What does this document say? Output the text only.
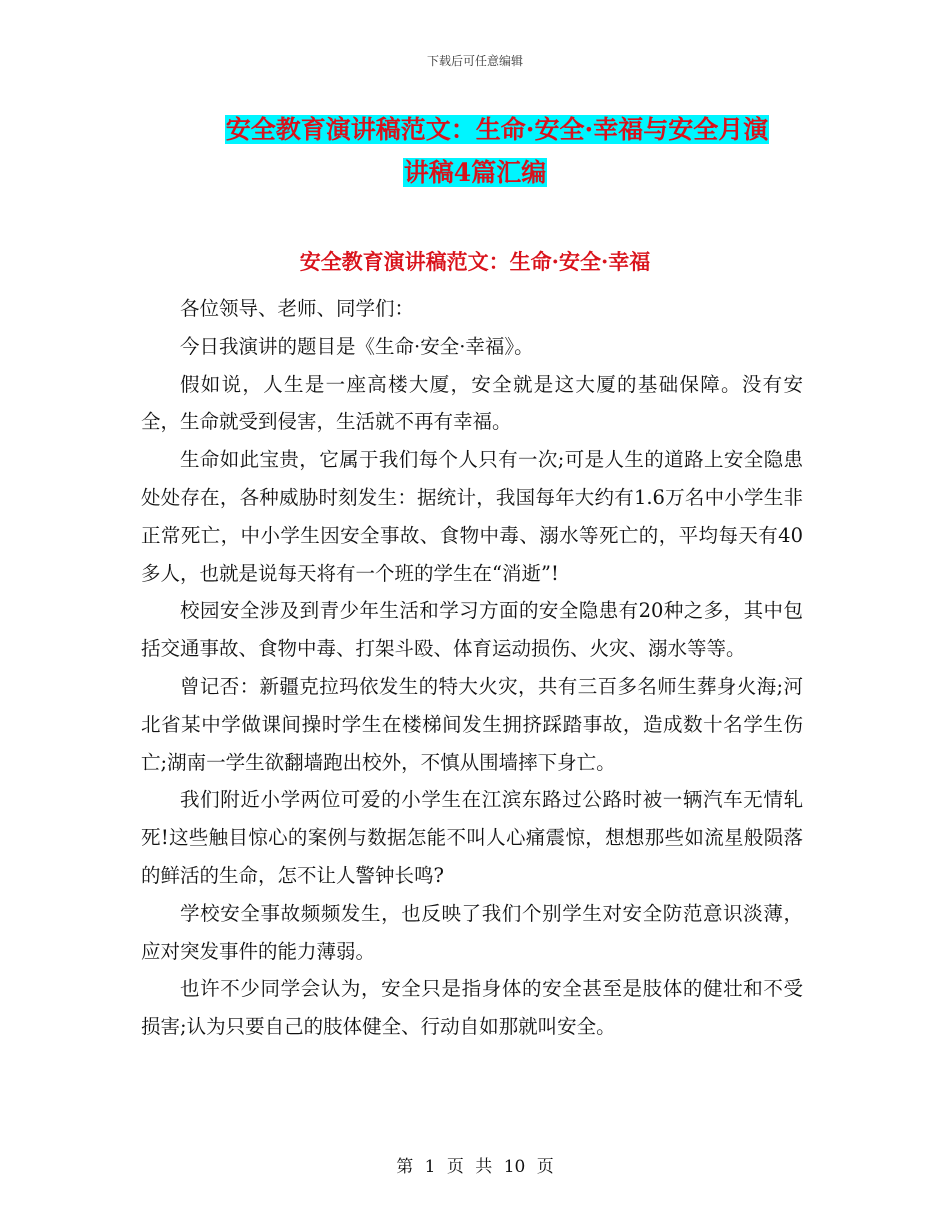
下载后可任意编辑
安全教育演讲稿范文：生命·安全·幸福与安全月演
讲稿4篇汇编
安全教育演讲稿范文：生命·安全·幸福

各位领导、老师、同学们：

今日我演讲的题目是《生命·安全·幸福》。

假如说，人生是一座高楼大厦，安全就是这大厦的基础保障。没有安全，生命就受到侵害，生活就不再有幸福。

生命如此宝贵，它属于我们每个人只有一次;可是人生的道路上安全隐患处处存在，各种威胁时刻发生：据统计，我国每年大约有1.6万名中小学生非正常死亡，中小学生因安全事故、食物中毒、溺水等死亡的，平均每天有40多人，也就是说每天将有一个班的学生在“消逝”!

校园安全涉及到青少年生活和学习方面的安全隐患有20种之多，其中包括交通事故、食物中毒、打架斗殴、体育运动损伤、火灾、溺水等等。

曾记否：新疆克拉玛依发生的特大火灾，共有三百多名师生葬身火海;河北省某中学做课间操时学生在楼梯间发生拥挤踩踏事故，造成数十名学生伤亡;湖南一学生欲翻墙跑出校外，不慎从围墙摔下身亡。

我们附近小学两位可爱的小学生在江滨东路过公路时被一辆汽车无情轧死!这些触目惊心的案例与数据怎能不叫人心痛震惊，想想那些如流星般陨落的鲜活的生命，怎不让人警钟长鸣?

学校安全事故频频发生，也反映了我们个别学生对安全防范意识淡薄，应对突发事件的能力薄弱。

也许不少同学会认为，安全只是指身体的安全甚至是肢体的健壮和不受损害;认为只要自己的肢体健全、行动自如那就叫安全。

第 1 页 共 10 页
